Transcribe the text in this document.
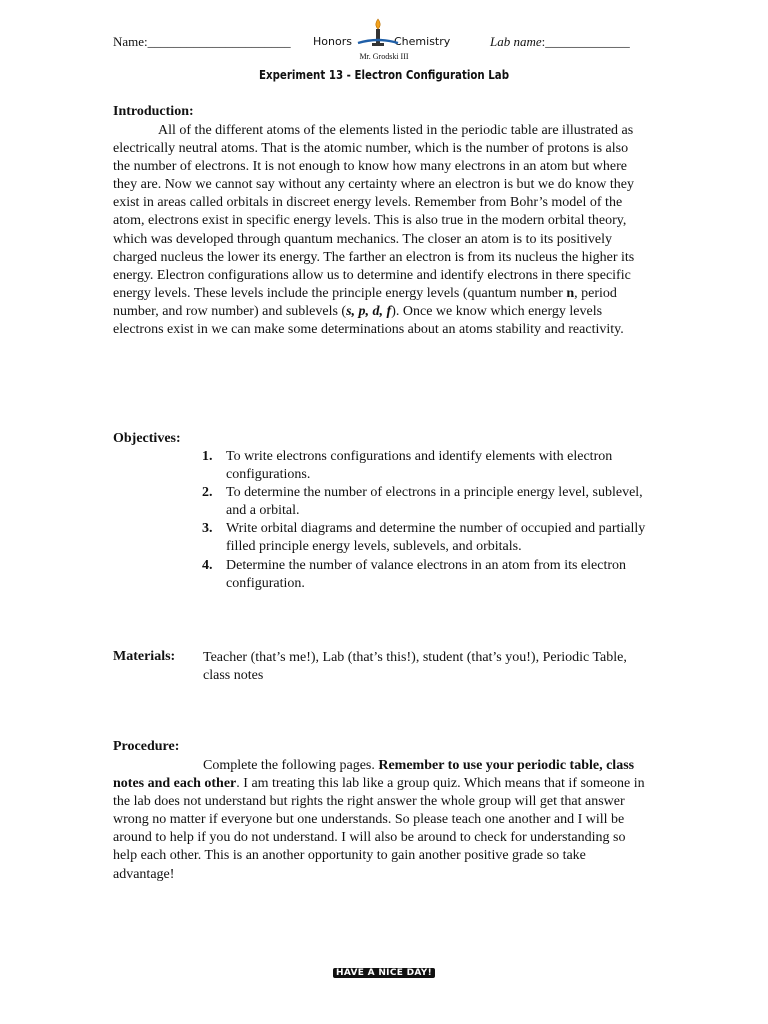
Name:______________________ Honors	Chemistry	Lab name:_____________
Mr. Grodski III
Experiment 13 - Electron Configuration Lab
Introduction:
All of the different atoms of the elements listed in the periodic table are illustrated as electrically neutral atoms. That is the atomic number, which is the number of protons is also the number of electrons. It is not enough to know how many electrons in an atom but where they are. Now we cannot say without any certainty where an electron is but we do know they exist in areas called orbitals in discreet energy levels. Remember from Bohr’s model of the atom, electrons exist in specific energy levels. This is also true in the modern orbital theory, which was developed through quantum mechanics. The closer an atom is to its positively charged nucleus the lower its energy. The farther an electron is from its nucleus the higher its energy. Electron configurations allow us to determine and identify electrons in there specific energy levels. These levels include the principle energy levels (quantum number n, period number, and row number) and sublevels (s, p, d, f). Once we know which energy levels electrons exist in we can make some determinations about an atoms stability and reactivity.
Objectives:
1. To write electrons configurations and identify elements with electron configurations.
2. To determine the number of electrons in a principle energy level, sublevel, and a orbital.
3. Write orbital diagrams and determine the number of occupied and partially filled principle energy levels, sublevels, and orbitals.
4. Determine the number of valance electrons in an atom from its electron configuration.
Materials: Teacher (that’s me!), Lab (that’s this!), student (that’s you!), Periodic Table, class notes
Procedure:
Complete the following pages. Remember to use your periodic table, class notes and each other. I am treating this lab like a group quiz. Which means that if someone in the lab does not understand but rights the right answer the whole group will get that answer wrong no matter if everyone but one understands. So please teach one another and I will be around to help if you do not understand. I will also be around to check for understanding so help each other. This is an another opportunity to gain another positive grade so take advantage!
HAVE A NICE DAY!
